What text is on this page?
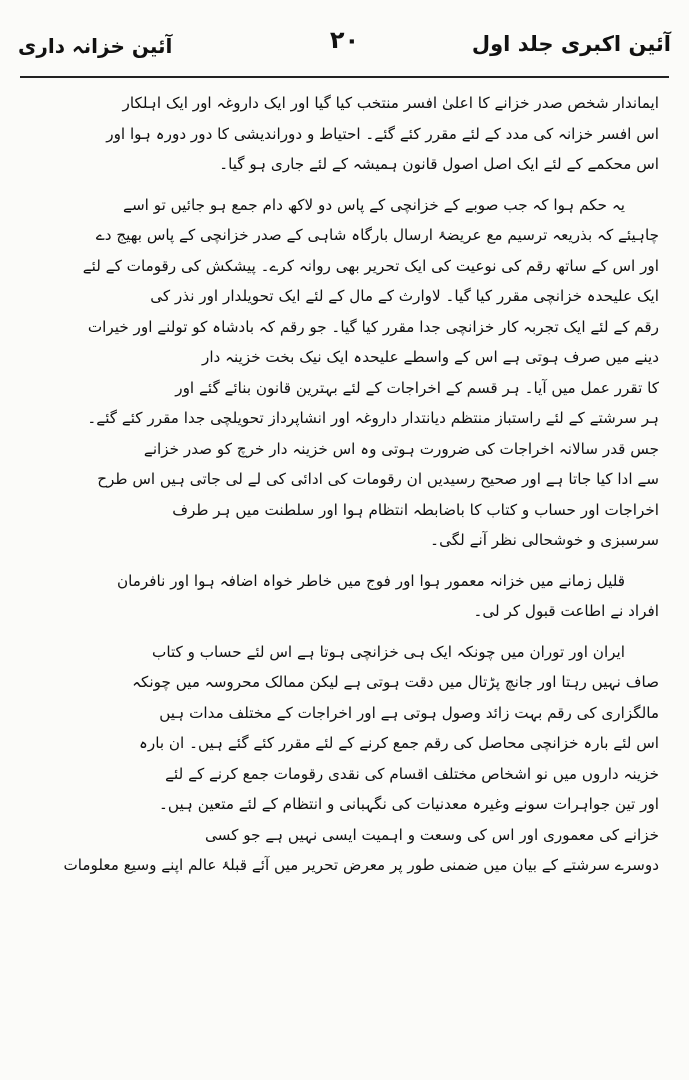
آئین اکبری جلد اول
۲۰
آئین خزانہ داری
ایماندار شخص صدر خزانے کا اعلیٰ افسر منتخب کیا گیا اور ایک داروغہ اور ایک اہلکار
اس افسر خزانہ کی مدد کے لئے مقرر کئے گئے۔ احتیاط و دوراندیشی کا دور دورہ ہوا اور
اس محکمے کے لئے ایک اصل اصول قانون ہمیشہ کے لئے جاری ہو گیا۔
یہ حکم ہوا کہ جب صوبے کے خزانچی کے پاس دو لاکھ دام جمع ہو جائیں تو اسے
چاہیئے کہ بذریعہ ترسیم مع عریضۂ ارسال بارگاہ شاہی کے صدر خزانچی کے پاس بھیج دے
اور اس کے ساتھ رقم کی نوعیت کی ایک تحریر بھی روانہ کرے۔ پیشکش کی رقومات کے لئے
ایک علیحدہ خزانچی مقرر کیا گیا۔ لاوارث کے مال کے لئے ایک تحویلدار اور نذر کی
رقم کے لئے ایک تجربہ کار خزانچی جدا مقرر کیا گیا۔ جو رقم کہ بادشاہ کو تولنے اور خیرات
دینے میں صرف ہوتی ہے اس کے واسطے علیحدہ ایک نیک بخت خزینہ دار
کا تقرر عمل میں آیا۔ ہر قسم کے اخراجات کے لئے بہترین قانون بنائے گئے اور
ہر سرشتے کے لئے راستباز منتظم دیانتدار داروغہ اور انشاپرداز تحویلچی جدا مقرر کئے گئے۔
جس قدر سالانہ اخراجات کی ضرورت ہوتی وہ اس خزینہ دار خرچ کو صدر خزانے
سے ادا کیا جاتا ہے اور صحیح رسیدیں ان رقومات کی ادائی کی لے لی جاتی ہیں اس طرح
اخراجات اور حساب و کتاب کا باضابطہ انتظام ہوا اور سلطنت میں ہر طرف
سرسبزی و خوشحالی نظر آنے لگی۔
قلیل زمانے میں خزانہ معمور ہوا اور فوج میں خاطر خواہ اضافہ ہوا اور نافرمان
افراد نے اطاعت قبول کر لی۔
ایران اور توران میں چونکہ ایک ہی خزانچی ہوتا ہے اس لئے حساب و کتاب
صاف نہیں رہتا اور جانچ پڑتال میں دقت ہوتی ہے لیکن ممالک محروسہ میں چونکہ
مالگزاری کی رقم بہت زائد وصول ہوتی ہے اور اخراجات کے مختلف مدات ہیں
اس لئے بارہ خزانچی محاصل کی رقم جمع کرنے کے لئے مقرر کئے گئے ہیں۔ ان بارہ
خزینہ داروں میں نو اشخاص مختلف اقسام کی نقدی رقومات جمع کرنے کے لئے
اور تین جواہرات سونے وغیرہ معدنیات کی نگہبانی و انتظام کے لئے متعین ہیں۔
خزانے کی معموری اور اس کی وسعت و اہمیت ایسی نہیں ہے جو کسی
دوسرے سرشتے کے بیان میں ضمنی طور پر معرض تحریر میں آئے قبلۂ عالم اپنے وسیع معلومات
